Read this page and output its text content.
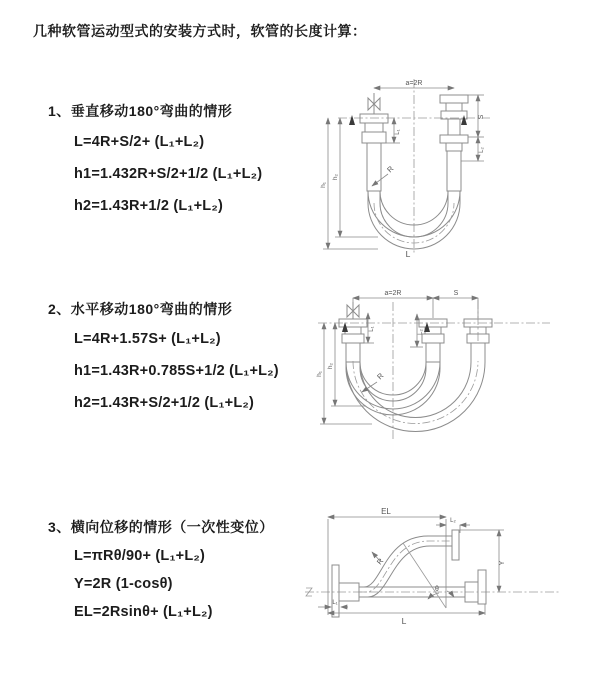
几种软管运动型式的安装方式时，软管的长度计算：
1、垂直移动180°弯曲的情形
L=4R+S/2+ (L₁+L₂)
h1=1.432R+S/2+1/2 (L₁+L₂)
h2=1.43R+1/2 (L₁+L₂)
2、水平移动180°弯曲的情形
L=4R+1.57S+ (L₁+L₂)
h1=1.43R+0.785S+1/2 (L₁+L₂)
h2=1.43R+S/2+1/2 (L₁+L₂)
3、横向位移的情形（一次性变位）
L=πRθ/90+ (L₁+L₂)
Y=2R (1-cosθ)
EL=2Rsinθ+ (L₁+L₂)
a=2R
h₁
h₂
L₁
S
L₂
R
L
a=2R	S
L₁
L₂
h₁
h₂
R
EL
L₂
Y
θ
R
L₁
L
